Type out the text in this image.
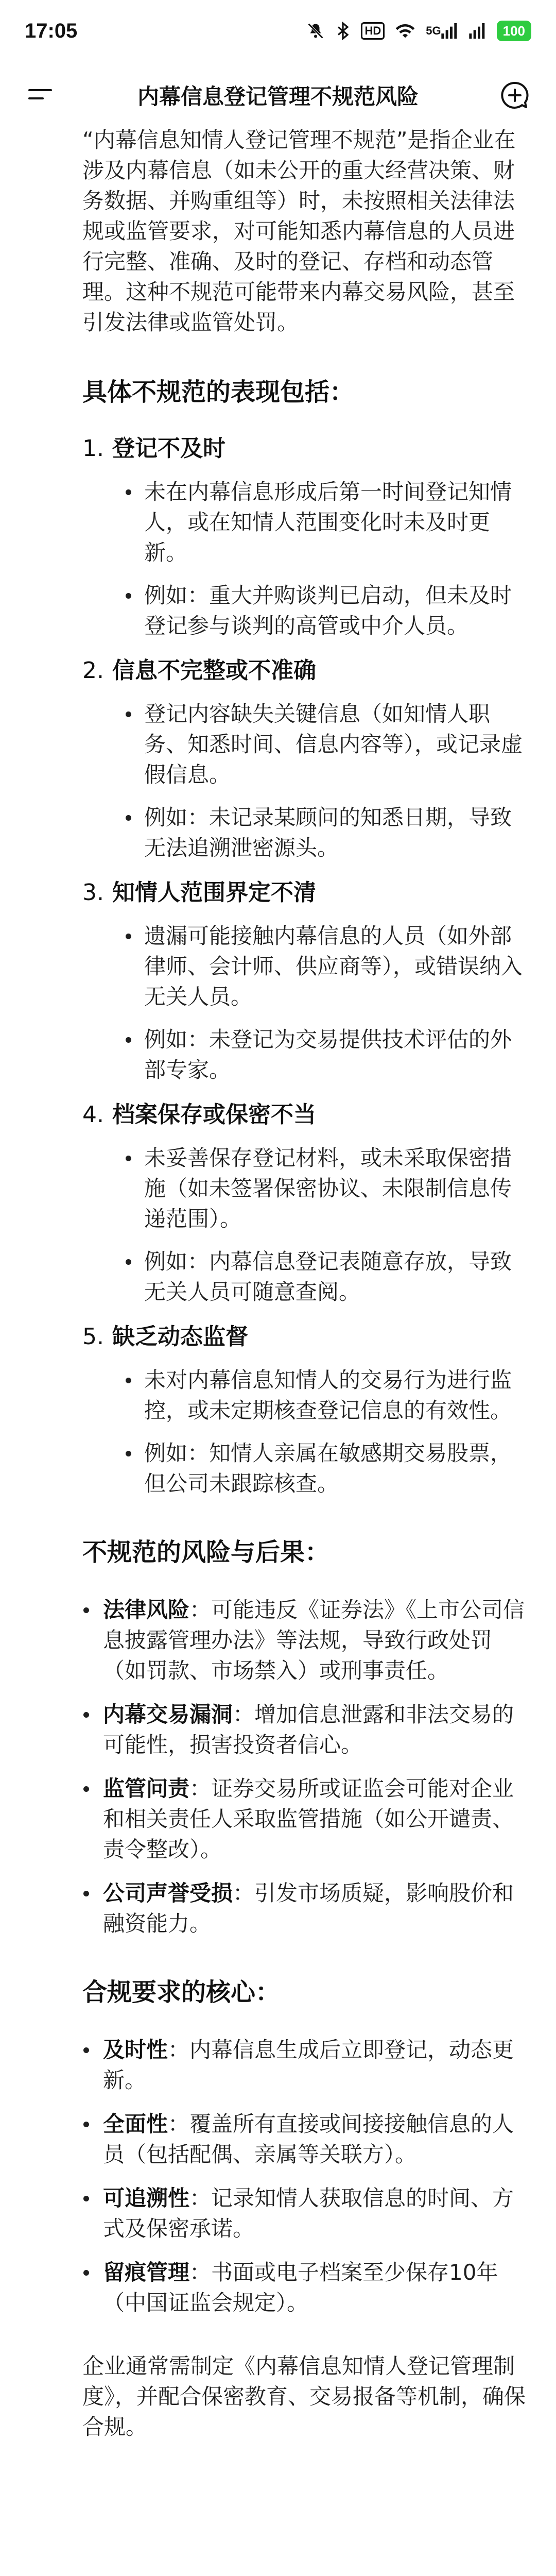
17:05	HD	5G	100
内幕信息登记管理不规范风险

“内幕信息知情人登记管理不规范”是指企业在涉及内幕信息（如未公开的重大经营决策、财务数据、并购重组等）时，未按照相关法律法规或监管要求，对可能知悉内幕信息的人员进行完整、准确、及时的登记、存档和动态管理。这种不规范可能带来内幕交易风险，甚至引发法律或监管处罚。

具体不规范的表现包括：
1. 登记不及时
未在内幕信息形成后第一时间登记知情人，或在知情人范围变化时未及时更新。
例如：重大并购谈判已启动，但未及时登记参与谈判的高管或中介人员。
2. 信息不完整或不准确
登记内容缺失关键信息（如知情人职务、知悉时间、信息内容等），或记录虚假信息。
例如：未记录某顾问的知悉日期，导致无法追溯泄密源头。
3. 知情人范围界定不清
遗漏可能接触内幕信息的人员（如外部律师、会计师、供应商等），或错误纳入无关人员。
例如：未登记为交易提供技术评估的外部专家。
4. 档案保存或保密不当
未妥善保存登记材料，或未采取保密措施（如未签署保密协议、未限制信息传递范围）。
例如：内幕信息登记表随意存放，导致无关人员可随意查阅。
5. 缺乏动态监督
未对内幕信息知情人的交易行为进行监控，或未定期核查登记信息的有效性。
例如：知情人亲属在敏感期交易股票，但公司未跟踪核查。
不规范的风险与后果：
法律风险：可能违反《证券法》《上市公司信息披露管理办法》等法规，导致行政处罚（如罚款、市场禁入）或刑事责任。
内幕交易漏洞：增加信息泄露和非法交易的可能性，损害投资者信心。
监管问责：证券交易所或证监会可能对企业和相关责任人采取监管措施（如公开谴责、责令整改）。
公司声誉受损：引发市场质疑，影响股价和融资能力。
合规要求的核心：
及时性：内幕信息生成后立即登记，动态更新。
全面性：覆盖所有直接或间接接触信息的人员（包括配偶、亲属等关联方）。
可追溯性：记录知情人获取信息的时间、方式及保密承诺。
留痕管理：书面或电子档案至少保存10年（中国证监会规定）。

企业通常需制定《内幕信息知情人登记管理制度》，并配合保密教育、交易报备等机制，确保合规。
